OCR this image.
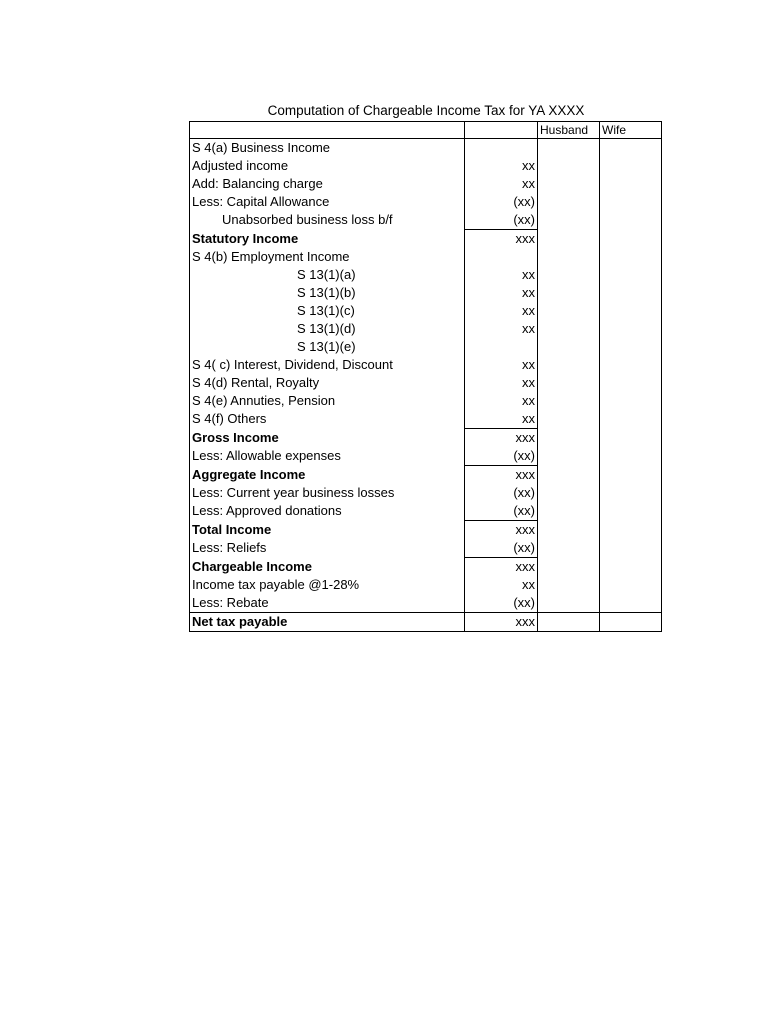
Computation of Chargeable Income Tax for YA XXXX
		Husband	Wife
S 4(a) Business Income			
Adjusted income	xx		
Add: Balancing charge	xx		
Less: Capital Allowance	(xx)		
Unabsorbed business loss b/f	(xx)		
Statutory Income	xxx		
S 4(b) Employment Income			
S 13(1)(a)	xx		
S 13(1)(b)	xx		
S 13(1)(c)	xx		
S 13(1)(d)	xx		
S 13(1)(e)			
S 4( c) Interest, Dividend, Discount	xx		
S 4(d) Rental, Royalty	xx		
S 4(e) Annuties, Pension	xx		
S 4(f) Others	xx		
Gross Income	xxx		
Less: Allowable expenses	(xx)		
Aggregate Income	xxx		
Less: Current year business losses	(xx)		
Less: Approved donations	(xx)		
Total Income	xxx		
Less: Reliefs	(xx)		
Chargeable Income	xxx		
Income tax payable @1-28%	xx		
Less: Rebate	(xx)		
Net tax payable	xxx		
